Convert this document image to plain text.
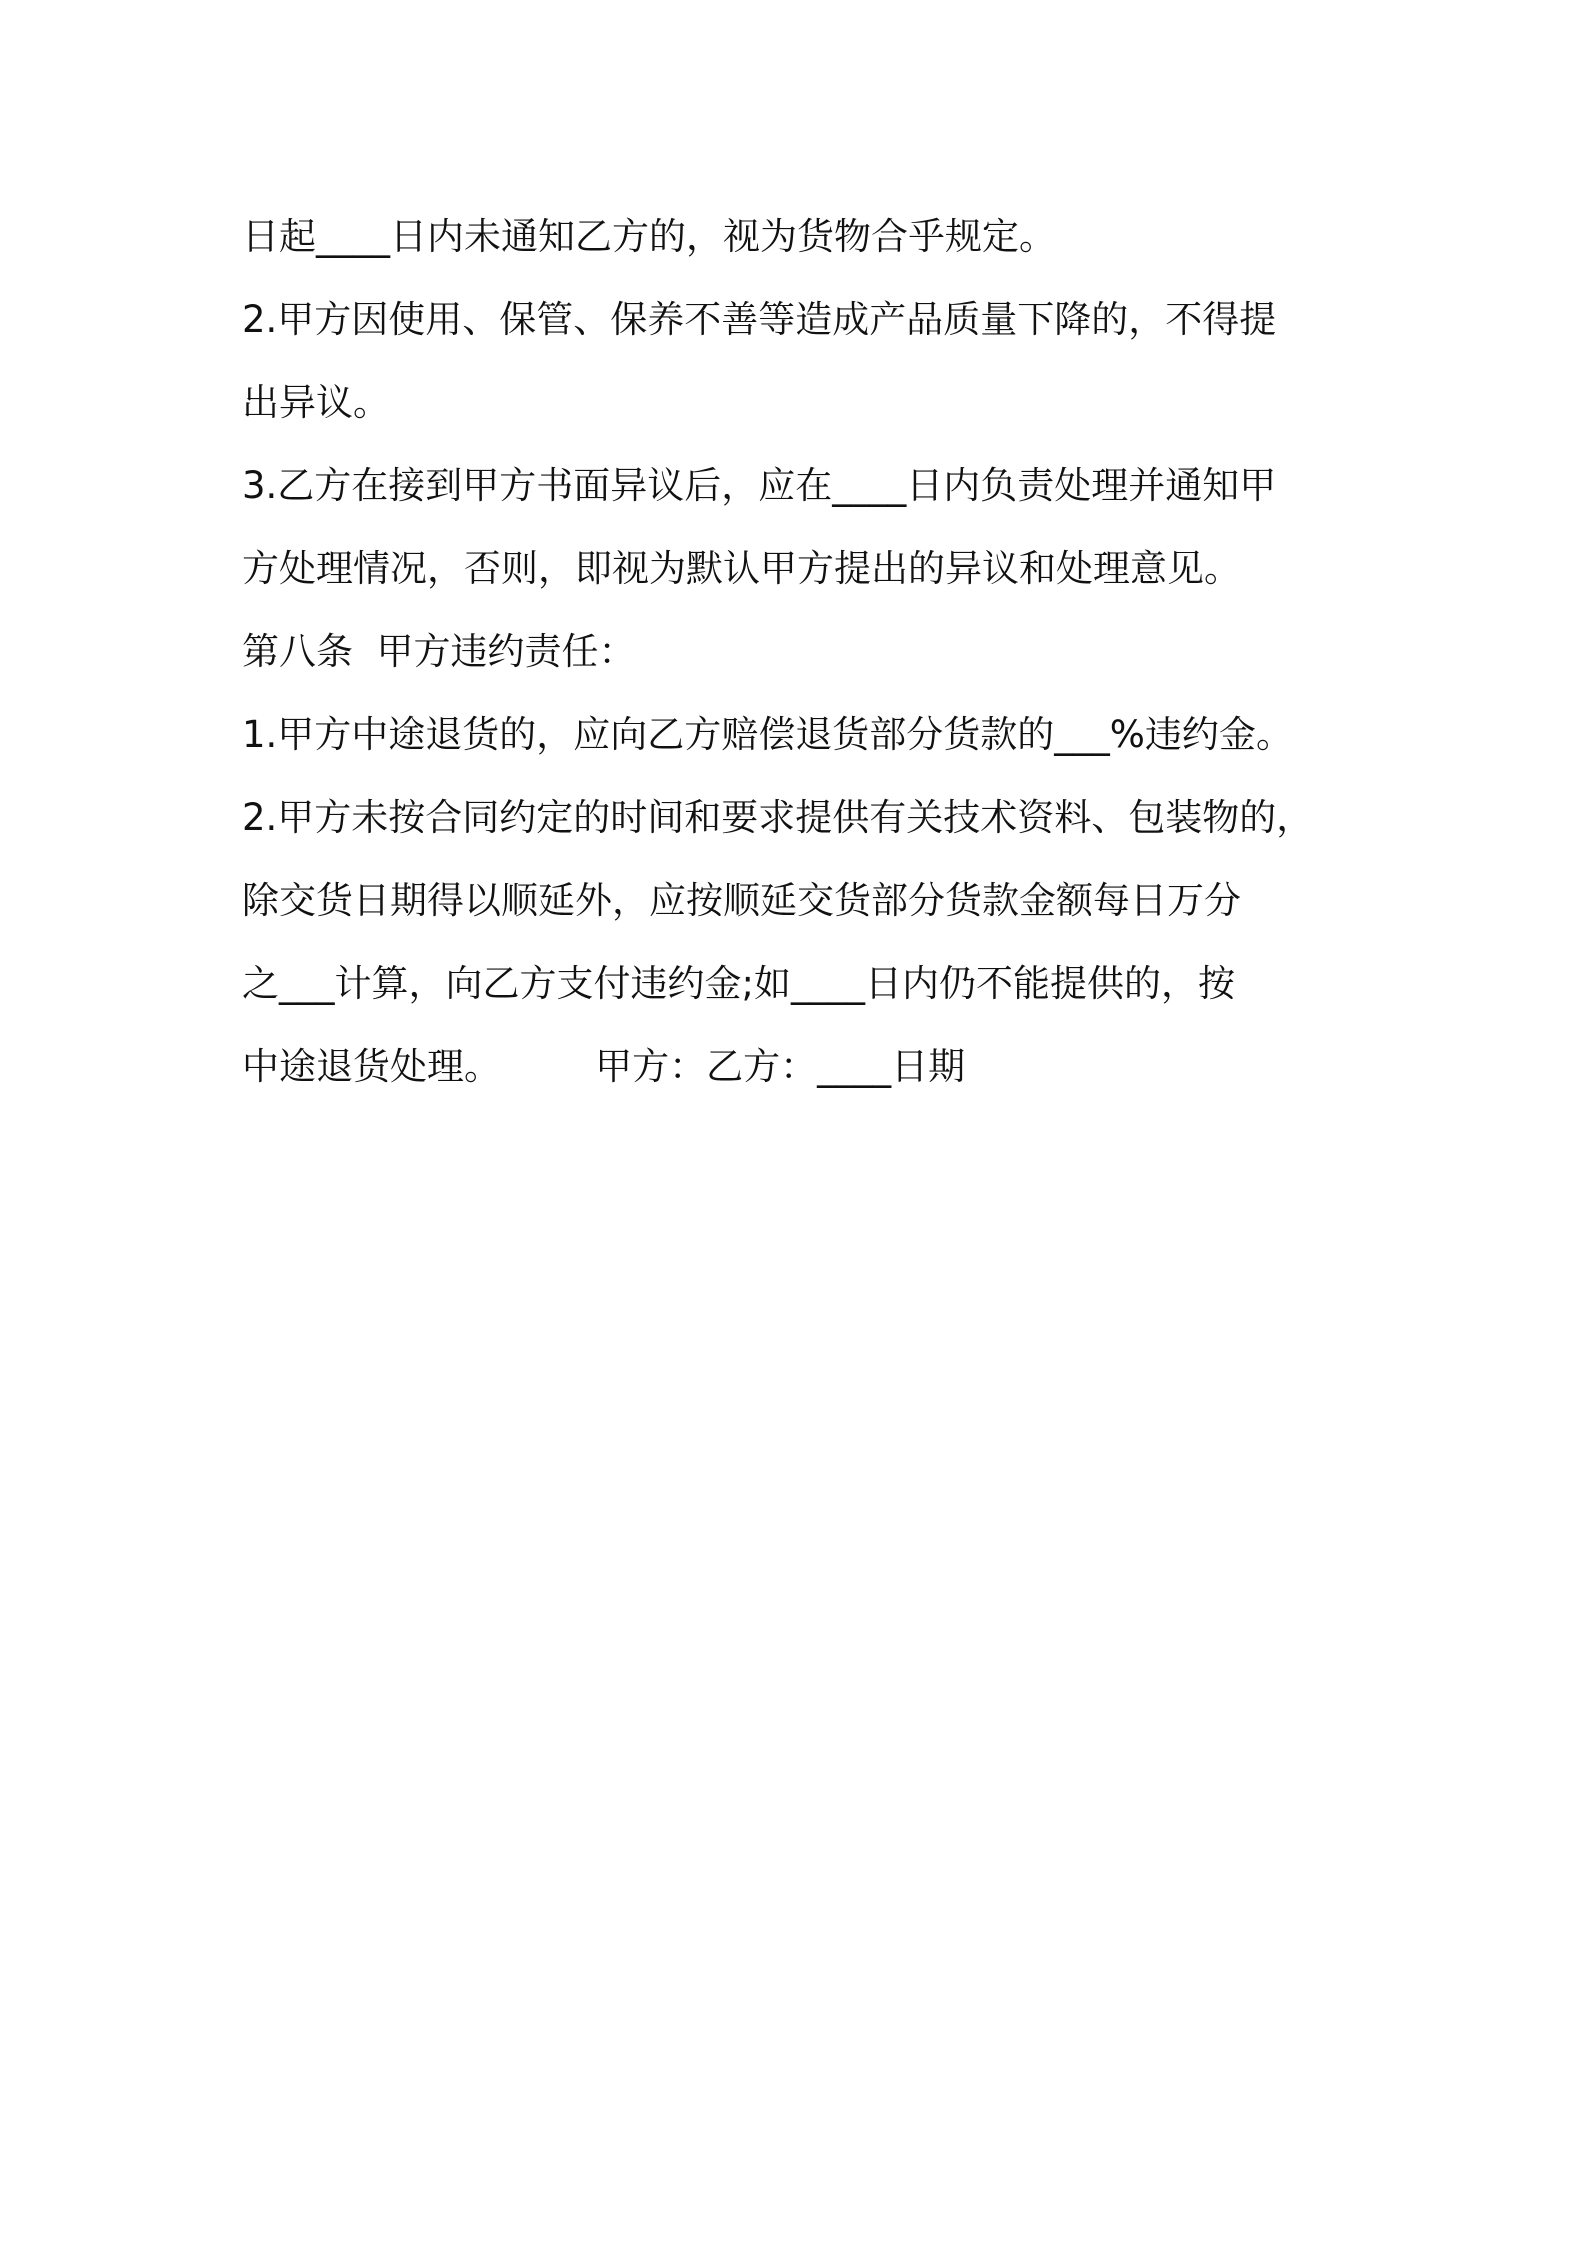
日起____日内未通知乙方的，视为货物合乎规定。
2.甲方因使用、保管、保养不善等造成产品质量下降的，不得提
出异议。
3.乙方在接到甲方书面异议后，应在____日内负责处理并通知甲
方处理情况，否则，即视为默认甲方提出的异议和处理意见。
第八条  甲方违约责任：
1.甲方中途退货的，应向乙方赔偿退货部分货款的___%违约金。
2.甲方未按合同约定的时间和要求提供有关技术资料、包装物的，
除交货日期得以顺延外，应按顺延交货部分货款金额每日万分
之___计算，向乙方支付违约金;如____日内仍不能提供的，按
中途退货处理。        甲方：乙方：____日期
